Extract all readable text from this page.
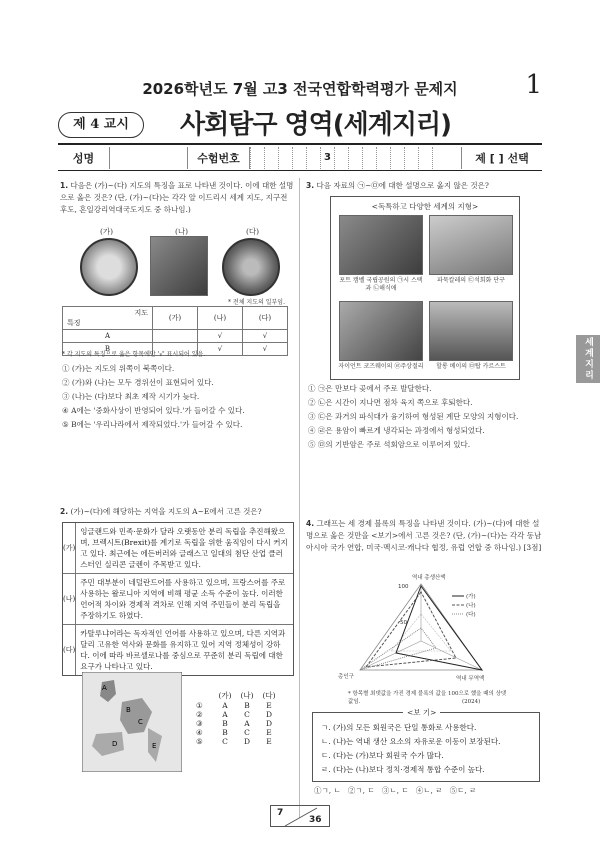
2026학년도 7월 고3 전국연합학력평가 문제지	1
제 4 교시	사회탐구 영역(세계지리)
성명	수험번호	3	제 [ ] 선택
1. 다음은 (가)~(다) 지도의 특징을 표로 나타낸 것이다. 이에 대한 설명으로 옳은 것은? (단, (가)~(다)는 각각 알 이드리시 세계 지도, 지구전후도, 혼일강리역대국도지도 중 하나임.)
(가)	(나)	(다)
* 전체 지도의 일부임.
지도

특징	(가)	(나)	(다)
A		√	√
B		√	√
* 각 지도의 특징으로 옳은 항목에만 '√' 표시되어 있음.
① (가)는 지도의 위쪽이 북쪽이다.
② (가)와 (나)는 모두 경위선이 표현되어 있다.
③ (나)는 (다)보다 최초 제작 시기가 늦다.
④ A에는 '중화사상이 반영되어 있다.'가 들어갈 수 있다.
⑤ B에는 '우리나라에서 제작되었다.'가 들어갈 수 있다.
3. 다음 자료의 ㉠~㉤에 대한 설명으로 옳지 않은 것은?
<독특하고 다양한 세계의 지형>
포트 캠벨 국립공원의 ㉠시 스택과 ㉡해식애
파묵칼레의 ㉢석회화 단구
자이언트 코즈웨이의 ㉣주상절리	할롱 베이의 ㉤탑 카르스트
① ㉠은 만보다 곶에서 주로 발달한다.
② ㉡은 시간이 지나면 점차 육지 쪽으로 후퇴한다.
③ ㉢은 과거의 파식대가 융기하여 형성된 계단 모양의 지형이다.
④ ㉣은 용암이 빠르게 냉각되는 과정에서 형성되었다.
⑤ ㉤의 기반암은 주로 석회암으로 이루어져 있다.
세계지리
2. (가)~(다)에 해당하는 지역을 지도의 A~E에서 고른 것은?
(가)
잉글랜드와 민족·문화가 달라 오랫동안 분리 독립을 추진해왔으며, 브렉시트(Brexit)를 계기로 독립을 위한 움직임이 다시 커지고 있다. 최근에는 에든버러와 글래스고 일대의 첨단 산업 클러스터인 실리콘 글렌이 주목받고 있다.
(나)
주민 대부분이 네덜란드어를 사용하고 있으며, 프랑스어를 주로 사용하는 왈로니아 지역에 비해 평균 소득 수준이 높다. 이러한 언어적 차이와 경제적 격차로 인해 지역 주민들이 분리 독립을 주장하기도 하였다.
(다)
카탈루냐어라는 독자적인 언어를 사용하고 있으며, 다른 지역과 달리 고유한 역사와 문화를 유지하고 있어 지역 정체성이 강하다. 이에 따라 바르셀로나를 중심으로 꾸준히 분리 독립에 대한 요구가 나타나고 있다.
A
B
C
D	E
	(가)	(나)	(다)
①	A	B	E
②	A	C	D
③	B	A	D
④	B	C	E
⑤	C	D	E
4. 그래프는 세 경제 블록의 특징을 나타낸 것이다. (가)~(다)에 대한 설명으로 옳은 것만을 <보기>에서 고른 것은? (단, (가)~(다)는 각각 동남아시아 국가 연합, 미국·멕시코·캐나다 협정, 유럽 연합 중 하나임.) [3점]
역내 총생산액
총인구	역내 무역액
100
50
(가)
(나)
(다)
* 항목별 최댓값을 가진 경제 블록의 값을 100으로 했을 때의 상댓값임.	(2024)
<보 기>
ㄱ. (가)의 모든 회원국은 단일 통화로 사용한다.
ㄴ. (나)는 역내 생산 요소의 자유로운 이동이 보장된다.
ㄷ. (다)는 (가)보다 회원국 수가 많다.
ㄹ. (다)는 (나)보다 정치·경제적 통합 수준이 높다.
①ㄱ, ㄴ   ②ㄱ, ㄷ   ③ㄴ, ㄷ   ④ㄴ, ㄹ   ⑤ㄷ, ㄹ
7
36
